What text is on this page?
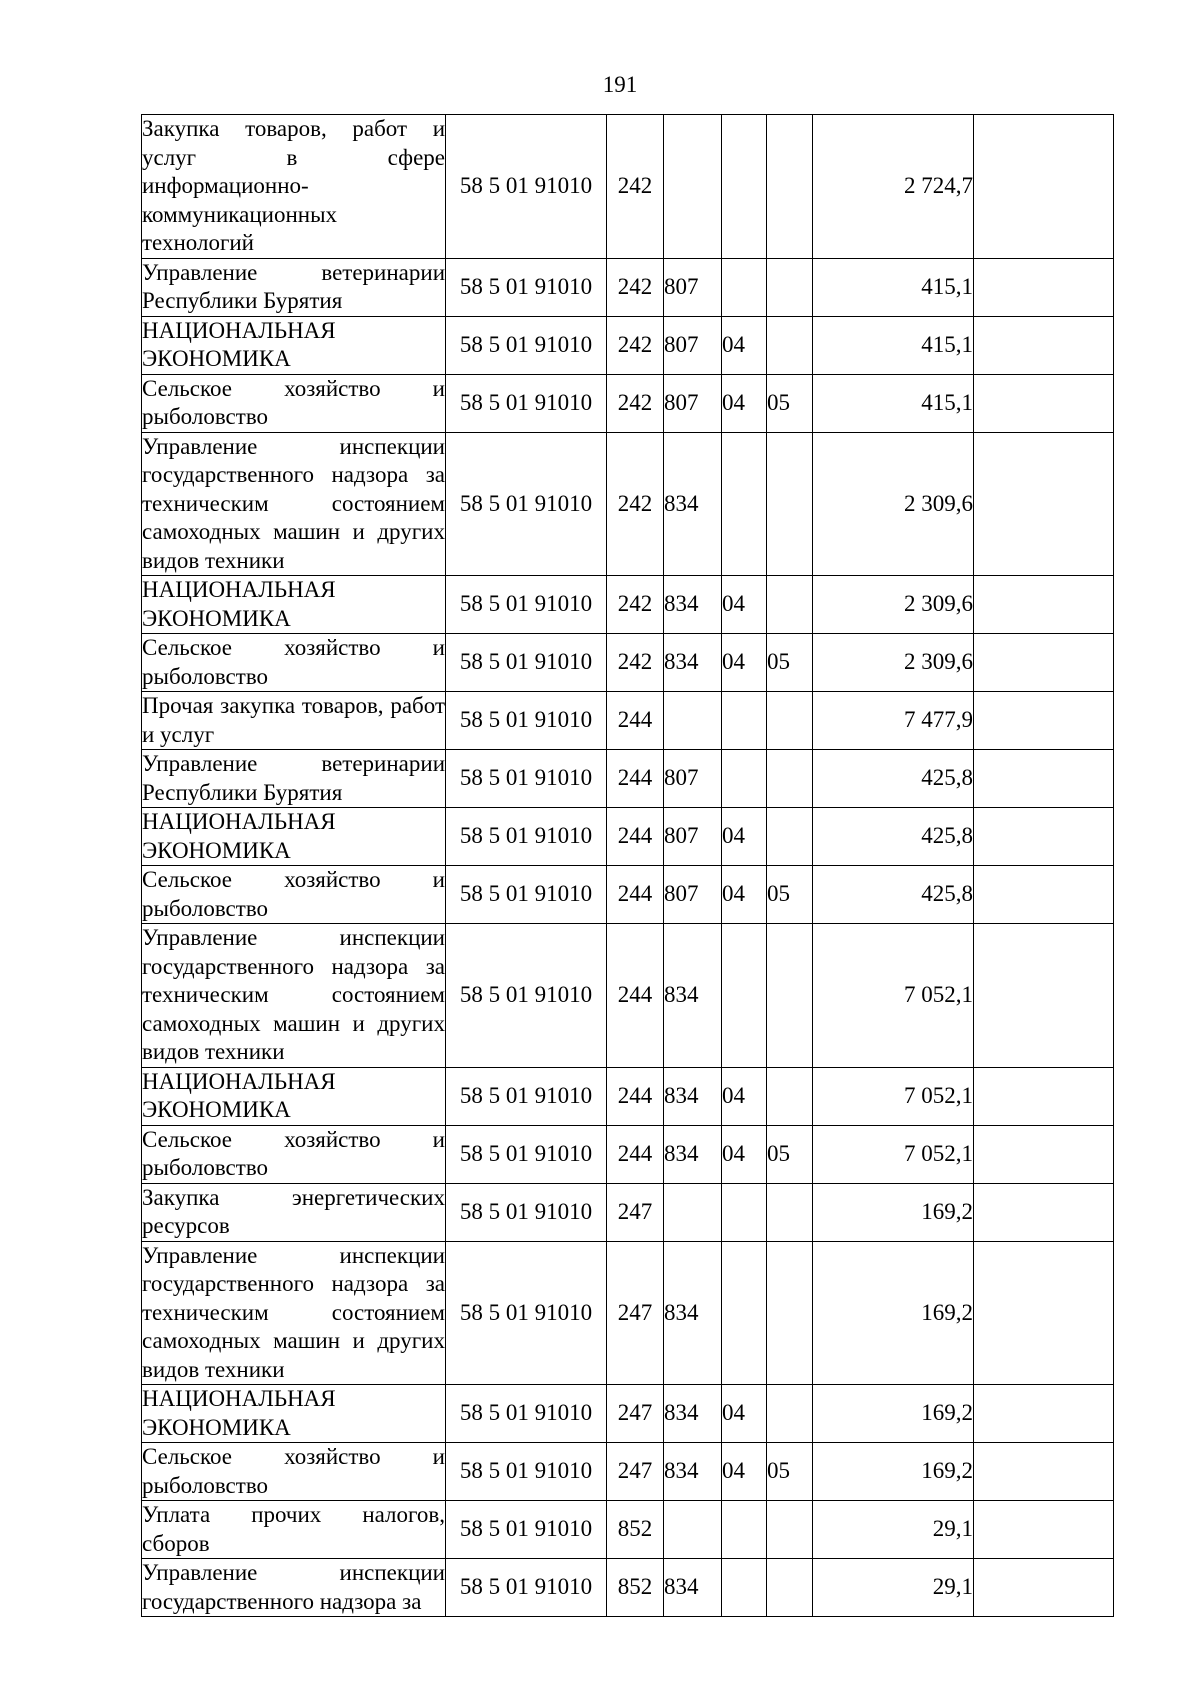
191
Закупка товаров, работ и услуг в сфере информационно-коммуникационных технологий	58 5 01 91010	242				2 724,7	
Управление ветеринарии Республики Бурятия	58 5 01 91010	242	807			415,1	
НАЦИОНАЛЬНАЯ ЭКОНОМИКА	58 5 01 91010	242	807	04		415,1	
Сельское хозяйство и рыболовство	58 5 01 91010	242	807	04	05	415,1	
Управление инспекции государственного надзора за техническим состоянием самоходных машин и других видов техники	58 5 01 91010	242	834			2 309,6	
НАЦИОНАЛЬНАЯ ЭКОНОМИКА	58 5 01 91010	242	834	04		2 309,6	
Сельское хозяйство и рыболовство	58 5 01 91010	242	834	04	05	2 309,6	
Прочая закупка товаров, работ и услуг	58 5 01 91010	244				7 477,9	
Управление ветеринарии Республики Бурятия	58 5 01 91010	244	807			425,8	
НАЦИОНАЛЬНАЯ ЭКОНОМИКА	58 5 01 91010	244	807	04		425,8	
Сельское хозяйство и рыболовство	58 5 01 91010	244	807	04	05	425,8	
Управление инспекции государственного надзора за техническим состоянием самоходных машин и других видов техники	58 5 01 91010	244	834			7 052,1	
НАЦИОНАЛЬНАЯ ЭКОНОМИКА	58 5 01 91010	244	834	04		7 052,1	
Сельское хозяйство и рыболовство	58 5 01 91010	244	834	04	05	7 052,1	
Закупка энергетических ресурсов	58 5 01 91010	247				169,2	
Управление инспекции государственного надзора за техническим состоянием самоходных машин и других видов техники	58 5 01 91010	247	834			169,2	
НАЦИОНАЛЬНАЯ ЭКОНОМИКА	58 5 01 91010	247	834	04		169,2	
Сельское хозяйство и рыболовство	58 5 01 91010	247	834	04	05	169,2	
Уплата прочих налогов, сборов	58 5 01 91010	852				29,1	
Управление инспекции государственного надзора за	58 5 01 91010	852	834			29,1	
